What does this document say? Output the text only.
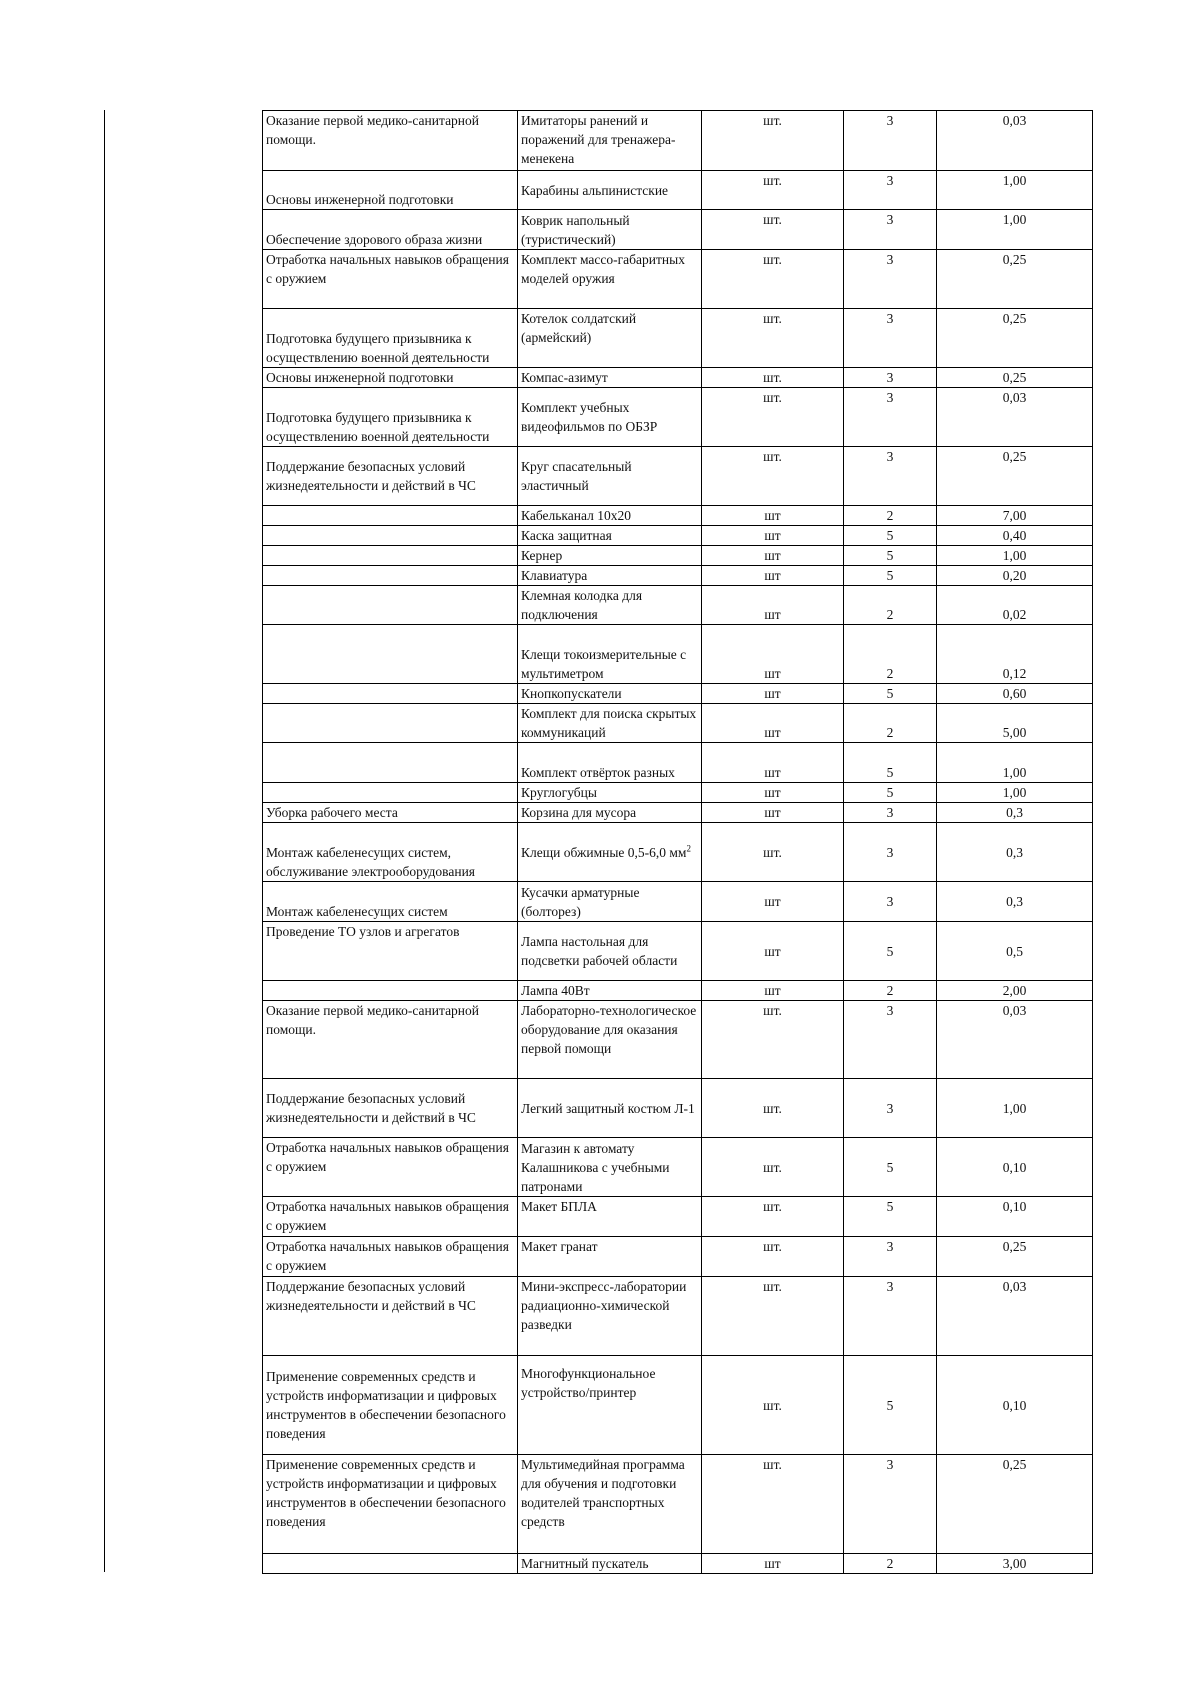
Оказание первой медико-санитарной помощи.	Имитаторы ранений и поражений для тренажера-менекена	шт.	3	0,03
Основы инженерной подготовки	Карабины альпинистские	шт.	3	1,00
Обеспечение здорового образа жизни	Коврик напольный (туристический)	шт.	3	1,00
Отработка начальных навыков обращения с оружием	Комплект массо-габаритных моделей оружия	шт.	3	0,25
Подготовка будущего призывника к осуществлению военной деятельности	Котелок солдатский (армейский)	шт.	3	0,25
Основы инженерной подготовки	Компас-азимут	шт.	3	0,25
Подготовка будущего призывника к осуществлению военной деятельности	Комплект учебных видеофильмов по ОБЗР	шт.	3	0,03
Поддержание безопасных условий жизнедеятельности и действий в ЧС	Круг спасательный эластичный	шт.	3	0,25
	Кабельканал 10х20	шт	2	7,00
	Каска защитная	шт	5	0,40
	Кернер	шт	5	1,00
	Клавиатура	шт	5	0,20
	Клемная колодка для подключения	шт	2	0,02
	Клещи токоизмерительные с мультиметром	шт	2	0,12
	Кнопкопускатели	шт	5	0,60
	Комплект для поиска скрытых коммуникаций	шт	2	5,00
	Комплект отвёрток разных	шт	5	1,00
	Круглогубцы	шт	5	1,00
Уборка рабочего места	Корзина для мусора	шт	3	0,3
Монтаж кабеленесущих систем, обслуживание электрооборудования	Клещи обжимные 0,5-6,0 $мм^2$	шт.	3	0,3
Монтаж кабеленесущих систем	Кусачки арматурные (болторез)	шт	3	0,3
Проведение ТО узлов и агрегатов	Лампа настольная для подсветки рабочей области	шт	5	0,5
	Лампа 40Вт	шт	2	2,00
Оказание первой медико-санитарной помощи.	Лабораторно-технологическое оборудование для оказания первой помощи	шт.	3	0,03
Поддержание безопасных условий жизнедеятельности и действий в ЧС	Легкий защитный костюм Л-1	шт.	3	1,00
Отработка начальных навыков обращения с оружием	Магазин к автомату Калашникова с учебными патронами	шт.	5	0,10
Отработка начальных навыков обращения с оружием	Макет БПЛА	шт.	5	0,10
Отработка начальных навыков обращения с оружием	Макет гранат	шт.	3	0,25
Поддержание безопасных условий жизнедеятельности и действий в ЧС	Мини-экспресс-лаборатории радиационно-химической разведки	шт.	3	0,03
Применение современных средств и устройств информатизации и цифровых инструментов в обеспечении безопасного поведения	Многофункциональное устройство/принтер	шт.	5	0,10
Применение современных средств и устройств информатизации и цифровых инструментов в обеспечении безопасного поведения	Мультимедийная программа для обучения и подготовки водителей транспортных средств	шт.	3	0,25
	Магнитный пускатель	шт	2	3,00
